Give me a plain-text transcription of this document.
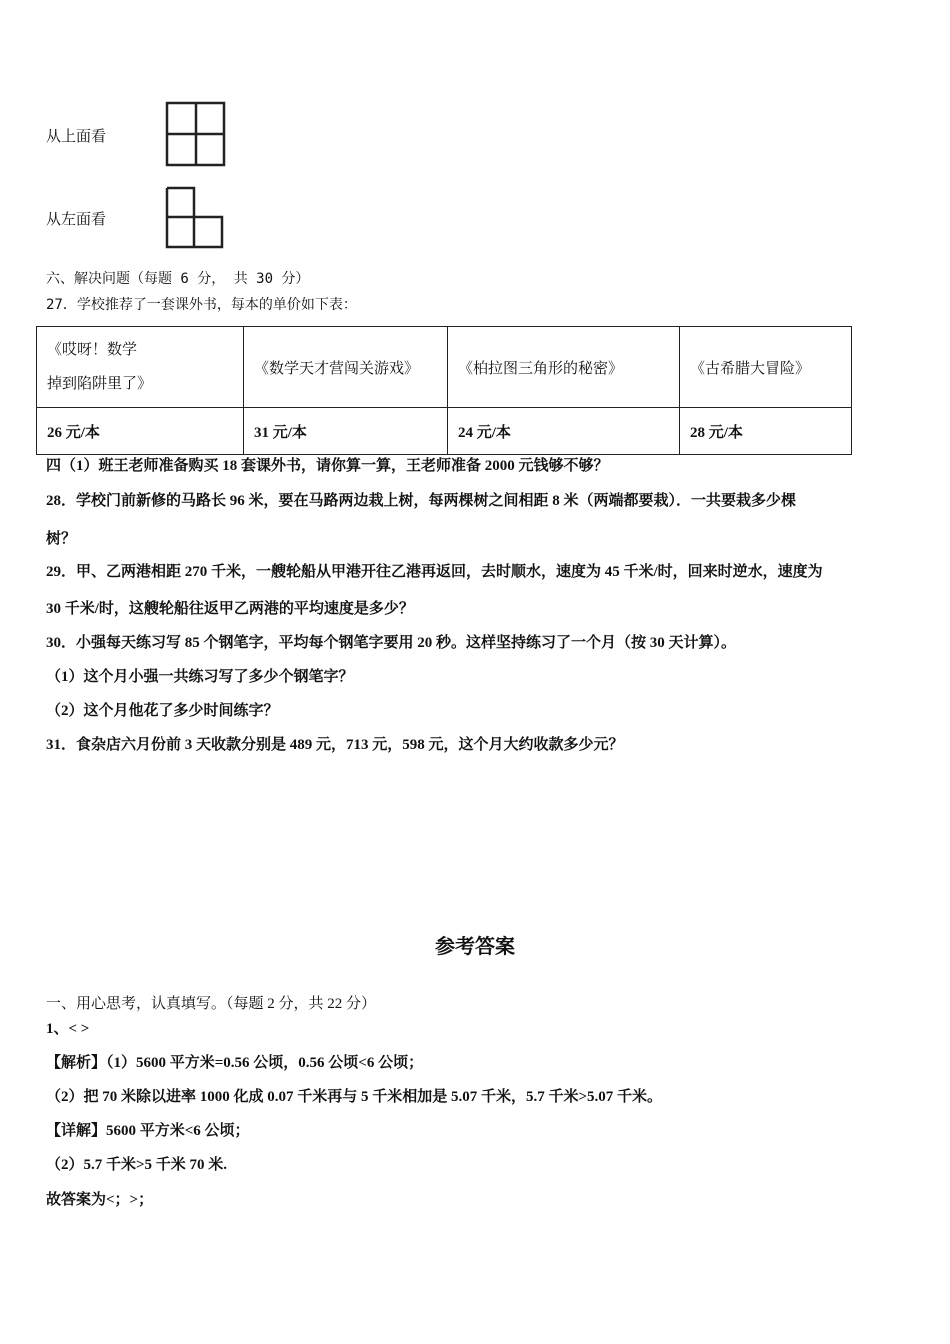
从上面看
从左面看
六、解决问题（每题 6 分， 共 30 分）
27．学校推荐了一套课外书，每本的单价如下表：
《哎呀！数学
掉到陷阱里了》	《数学天才营闯关游戏》	《柏拉图三角形的秘密》	《古希腊大冒险》
26 元/本	31 元/本	24 元/本	28 元/本
四（1）班王老师准备购买 18 套课外书，请你算一算，王老师准备 2000 元钱够不够？
28．学校门前新修的马路长 96 米，要在马路两边栽上树，每两棵树之间相距 8 米（两端都要栽）．一共要栽多少棵
树？
29．甲、乙两港相距 270 千米，一艘轮船从甲港开往乙港再返回，去时顺水，速度为 45 千米/时，回来时逆水，速度为
30 千米/时，这艘轮船往返甲乙两港的平均速度是多少？
30．小强每天练习写 85 个钢笔字，平均每个钢笔字要用 20 秒。这样坚持练习了一个月（按 30 天计算）。
（1）这个月小强一共练习写了多少个钢笔字？
（2）这个月他花了多少时间练字？
31．食杂店六月份前 3 天收款分别是 489 元，713 元，598 元，这个月大约收款多少元？
参考答案
一、用心思考，认真填写。（每题 2 分，共 22 分）
1、< >
【解析】（1）5600 平方米=0.56 公顷，0.56 公顷<6 公顷；
（2）把 70 米除以进率 1000 化成 0.07 千米再与 5 千米相加是 5.07 千米，5.7 千米>5.07 千米。
【详解】5600 平方米<6 公顷；
（2）5.7 千米>5 千米 70 米.
故答案为<；>；
